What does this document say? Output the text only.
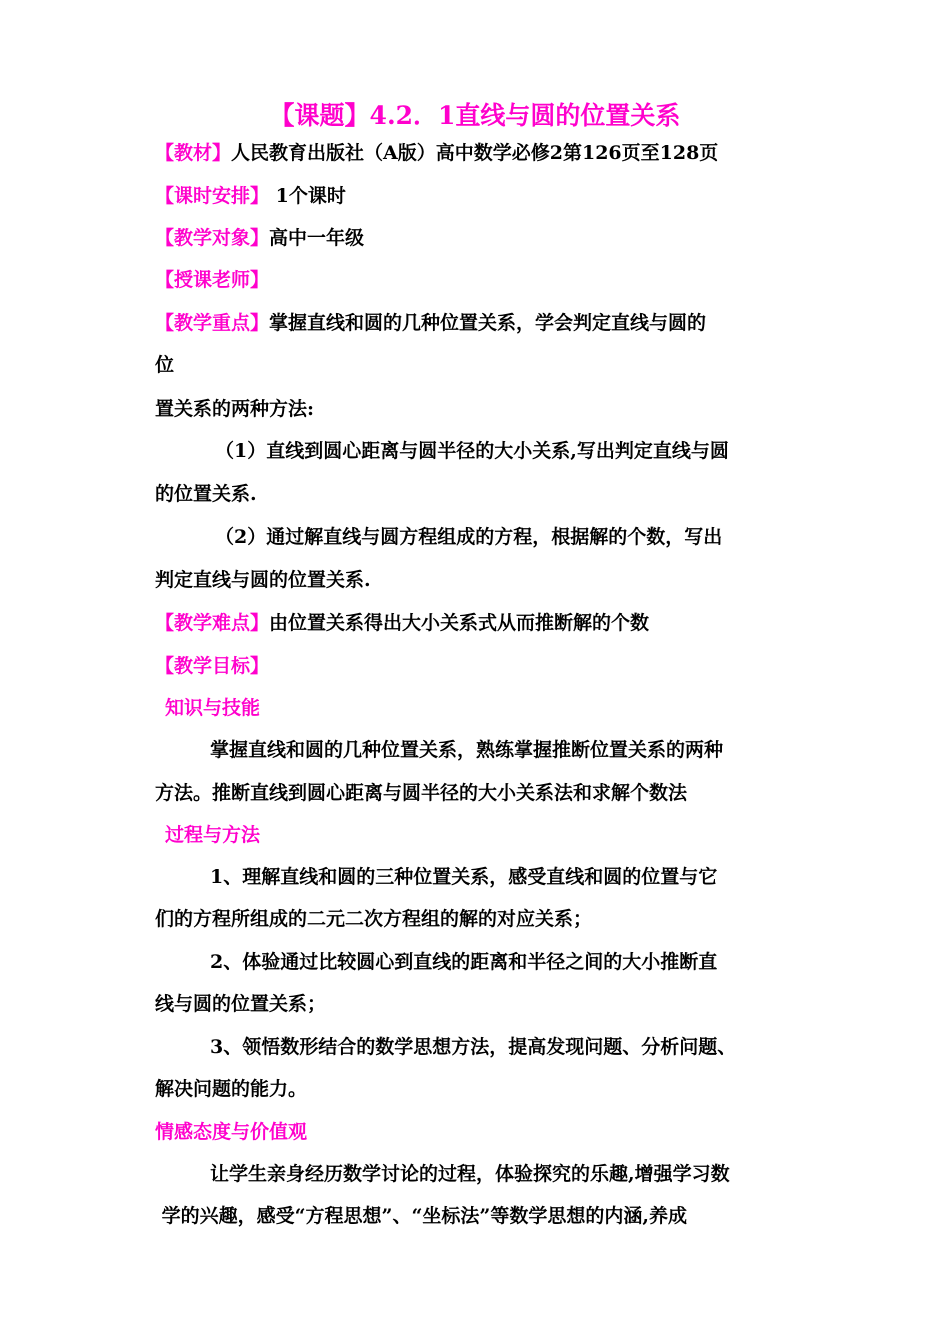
【课题】4.2．1直线与圆的位置关系
【教材】人民教育出版社（A版）高中数学必修2第126页至128页
【课时安排】 1个课时
【教学对象】高中一年级
【授课老师】
【教学重点】掌握直线和圆的几种位置关系，学会判定直线与圆的
位
置关系的两种方法:
（1）直线到圆心距离与圆半径的大小关系,写出判定直线与圆
的位置关系.
（2）通过解直线与圆方程组成的方程，根据解的个数，写出
判定直线与圆的位置关系.
【教学难点】由位置关系得出大小关系式从而推断解的个数
【教学目标】
知识与技能
掌握直线和圆的几种位置关系，熟练掌握推断位置关系的两种
方法。推断直线到圆心距离与圆半径的大小关系法和求解个数法
过程与方法
1、理解直线和圆的三种位置关系，感受直线和圆的位置与它
们的方程所组成的二元二次方程组的解的对应关系；
2、体验通过比较圆心到直线的距离和半径之间的大小推断直
线与圆的位置关系；
3、领悟数形结合的数学思想方法，提高发现问题、分析问题、
解决问题的能力。
情感态度与价值观
让学生亲身经历数学讨论的过程，体验探究的乐趣,增强学习数
学的兴趣，感受“方程思想”、“坐标法”等数学思想的内涵,养成
